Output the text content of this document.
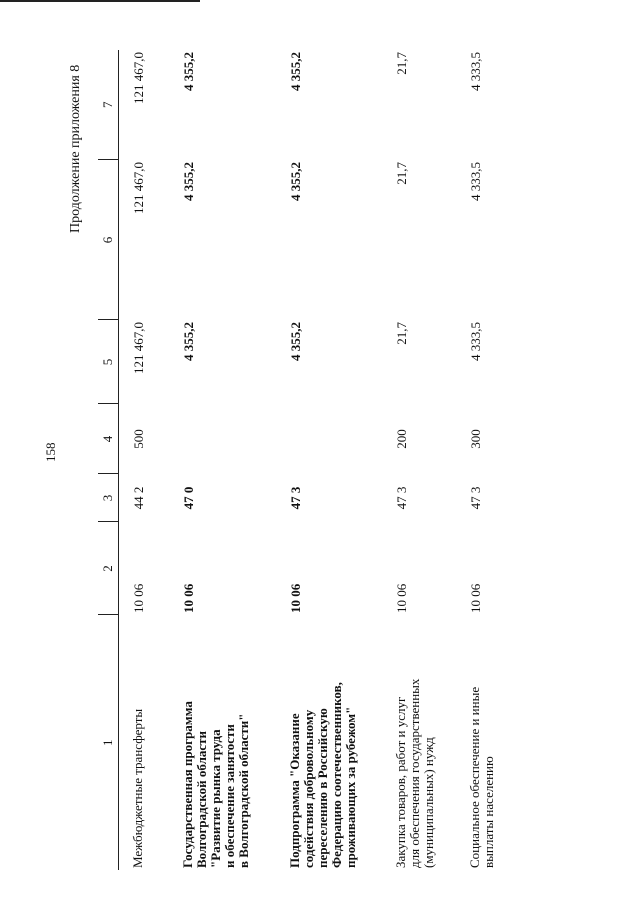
158
Продолжение приложения 8
1	2	3	4	5	6	7

Межбюджетные трансферты	10 06	44 2	500	121 467,0	121 467,0	121 467,0

Государственная программа Волгоградской области "Развитие рынка труда и обеспечение занятости в Волгоградской области"	10 06	47 0		4 355,2	4 355,2	4 355,2

Подпрограмма "Оказание содействия добровольному переселению в Российскую Федерацию соотечественников, проживающих за рубежом"	10 06	47 3		4 355,2	4 355,2	4 355,2

Закупка товаров, работ и услуг для обеспечения государственных (муниципальных) нужд	10 06	47 3	200	21,7	21,7	21,7

Социальное обеспечение и иные выплаты населению	10 06	47 3	300	4 333,5	4 333,5	4 333,5
